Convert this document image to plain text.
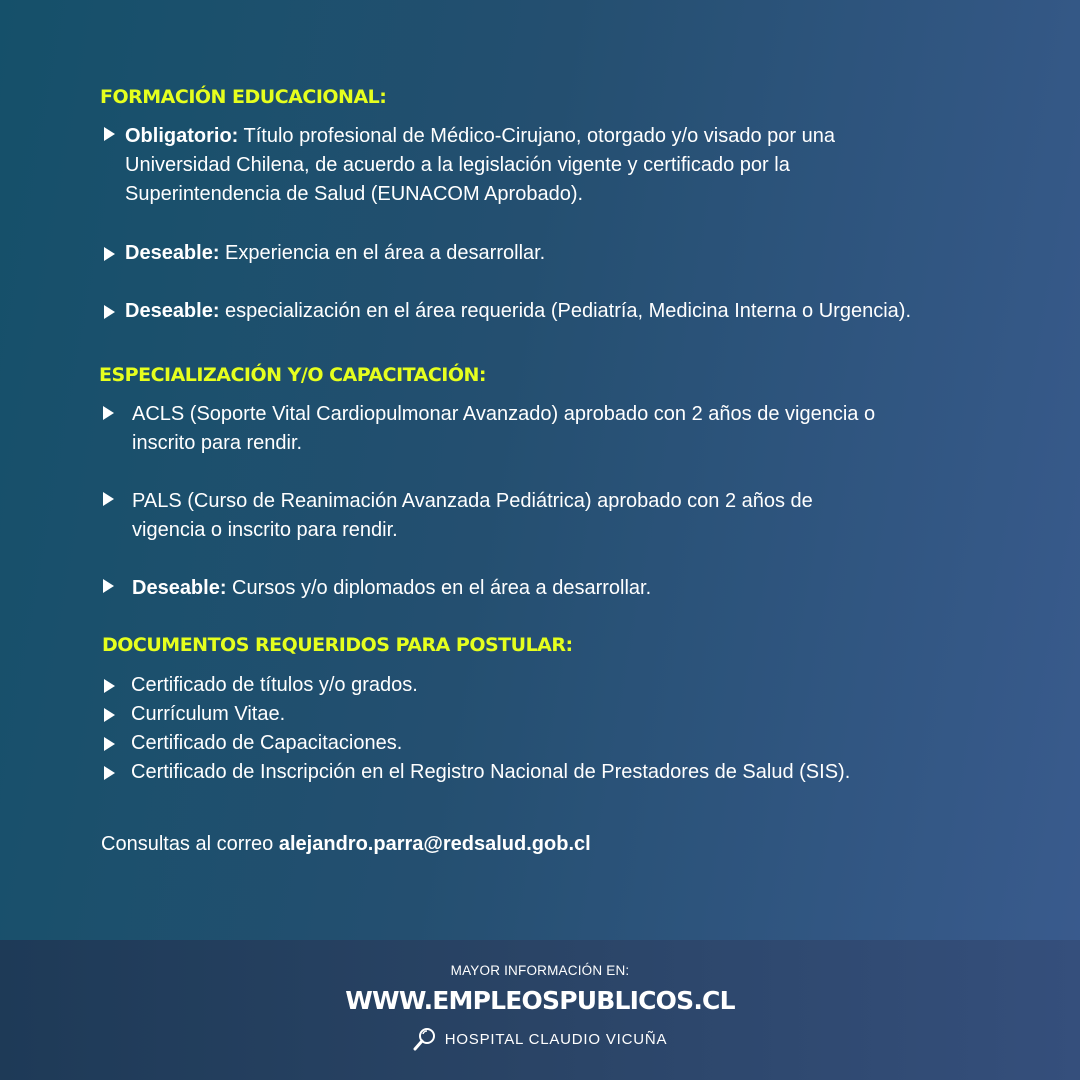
FORMACIÓN EDUCACIONAL:

Obligatorio: Título profesional de Médico-Cirujano, otorgado y/o visado por una Universidad Chilena, de acuerdo a la legislación vigente y certificado por la Superintendencia de Salud (EUNACOM Aprobado).

Deseable: Experiencia en el área a desarrollar.

Deseable: especialización en el área requerida (Pediatría, Medicina Interna o Urgencia).

ESPECIALIZACIÓN Y/O CAPACITACIÓN:

ACLS (Soporte Vital Cardiopulmonar Avanzado) aprobado con 2 años de vigencia o inscrito para rendir.

PALS (Curso de Reanimación Avanzada Pediátrica) aprobado con 2 años de vigencia o inscrito para rendir.

Deseable: Cursos y/o diplomados en el área a desarrollar.

DOCUMENTOS REQUERIDOS PARA POSTULAR:

Certificado de títulos y/o grados.

Currículum Vitae.

Certificado de Capacitaciones.

Certificado de Inscripción en el Registro Nacional de Prestadores de Salud (SIS).

Consultas al correo alejandro.parra@redsalud.gob.cl

MAYOR INFORMACIÓN EN:
WWW.EMPLEOSPUBLICOS.CL
HOSPITAL CLAUDIO VICUÑA
